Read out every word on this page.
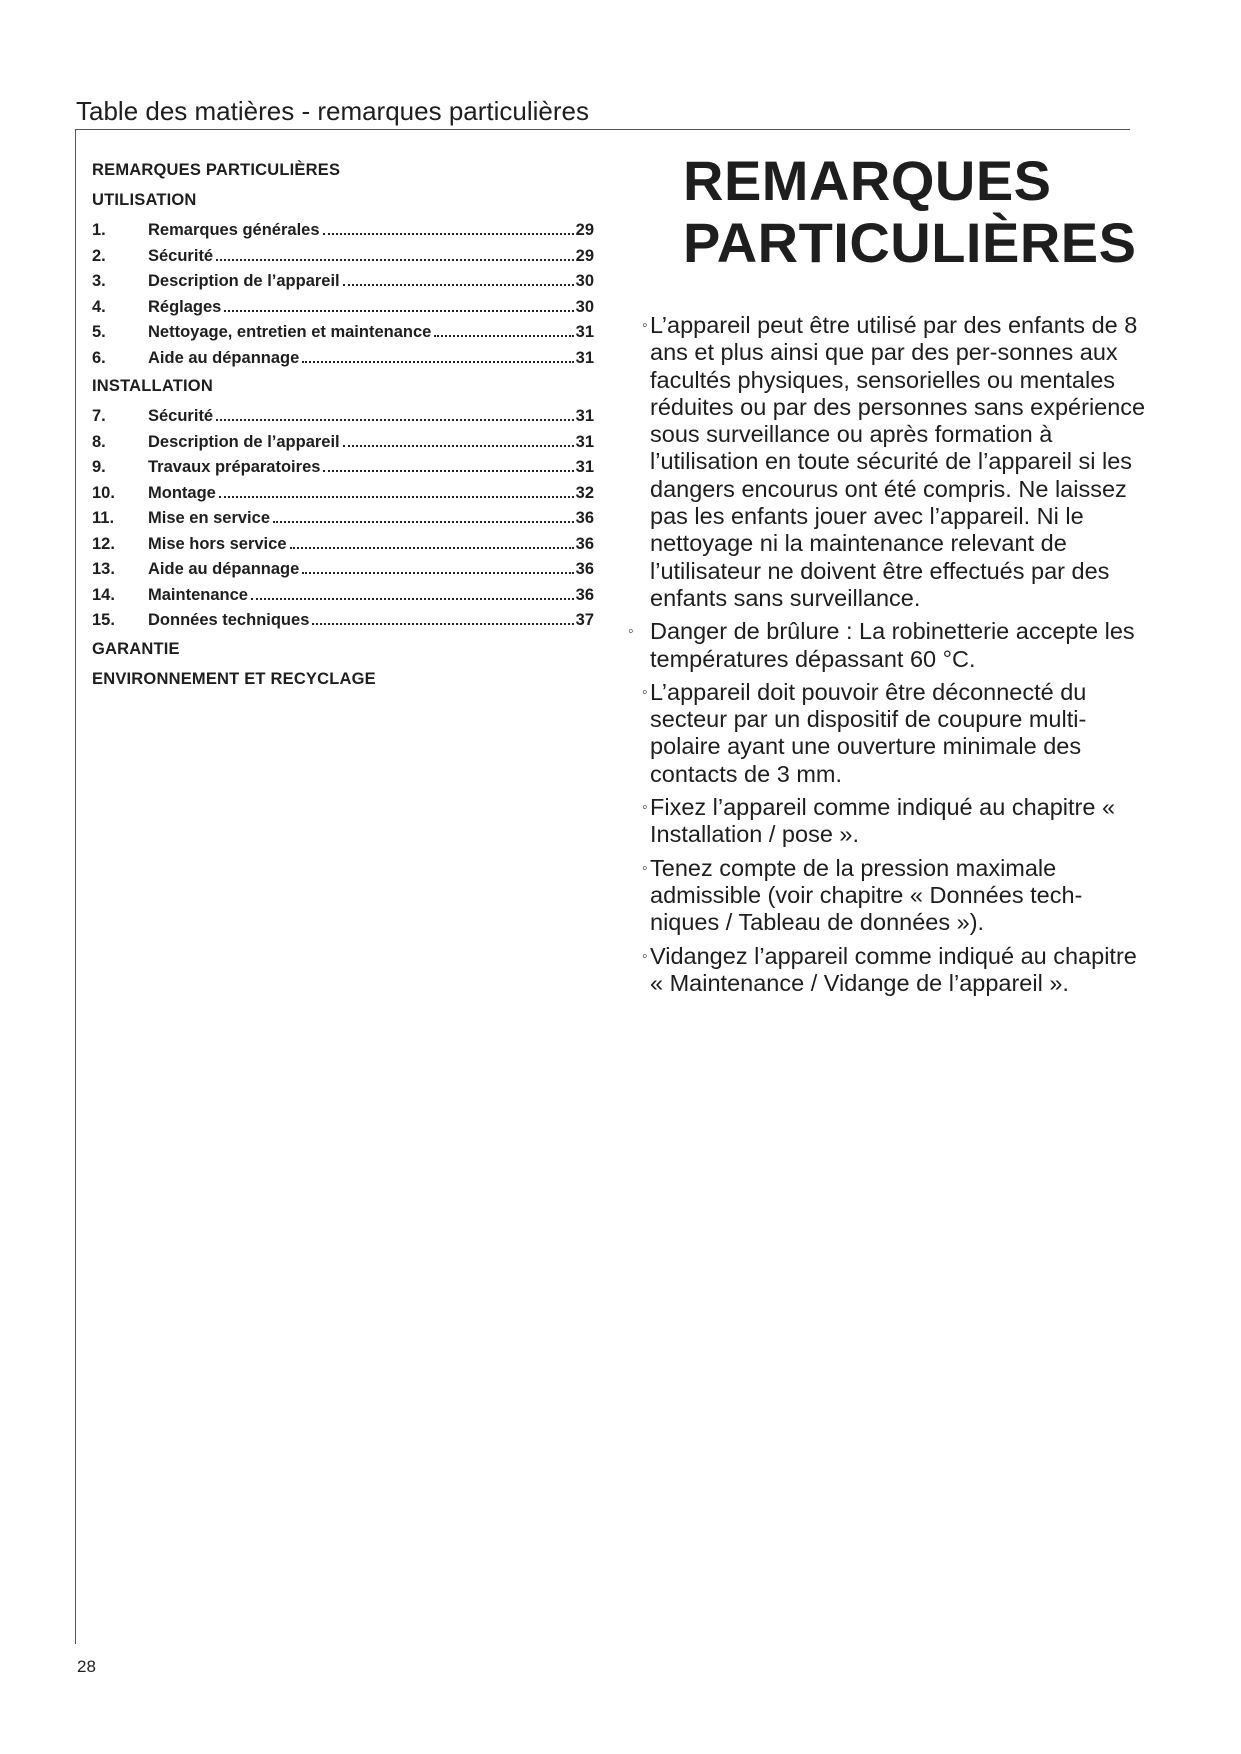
Table des matières - remarques particulières
REMARQUES PARTICULIÈRES
UTILISATION
1.	Remarques générales	29
2.	Sécurité	29
3.	Description de l’appareil	30
4.	Réglages	30
5.	Nettoyage, entretien et maintenance	31
6.	Aide au dépannage	31
INSTALLATION
7.	Sécurité	31
8.	Description de l’appareil	31
9.	Travaux préparatoires	31
10.	Montage	32
11.	Mise en service	36
12.	Mise hors service	36
13.	Aide au dépannage	36
14.	Maintenance	36
15.	Données techniques	37
GARANTIE
ENVIRONNEMENT ET RECYCLAGE
REMARQUES
PARTICULIÈRES
◦ L’appareil peut être utilisé par des enfants de 8 ans et plus ainsi que par des per-sonnes aux facultés physiques, sensorielles ou mentales réduites ou par des personnes sans expérience sous surveillance ou après formation à l’utilisation en toute sécurité de l’appareil si les dangers encourus ont été compris. Ne laissez pas les enfants jouer avec l’appareil. Ni le nettoyage ni la maintenance relevant de l’utilisateur ne doivent être effectués par des enfants sans surveillance.
◦ Danger de brûlure : La robinetterie accepte les températures dépassant 60 °C.
◦ L’appareil doit pouvoir être déconnecté du secteur par un dispositif de coupure multi-polaire ayant une ouverture minimale des contacts de 3 mm.
◦ Fixez l’appareil comme indiqué au chapitre « Installation / pose ».
◦ Tenez compte de la pression maximale admissible (voir chapitre « Données tech-niques / Tableau de données »).
◦ Vidangez l’appareil comme indiqué au chapitre « Maintenance / Vidange de l’appareil ».
28
